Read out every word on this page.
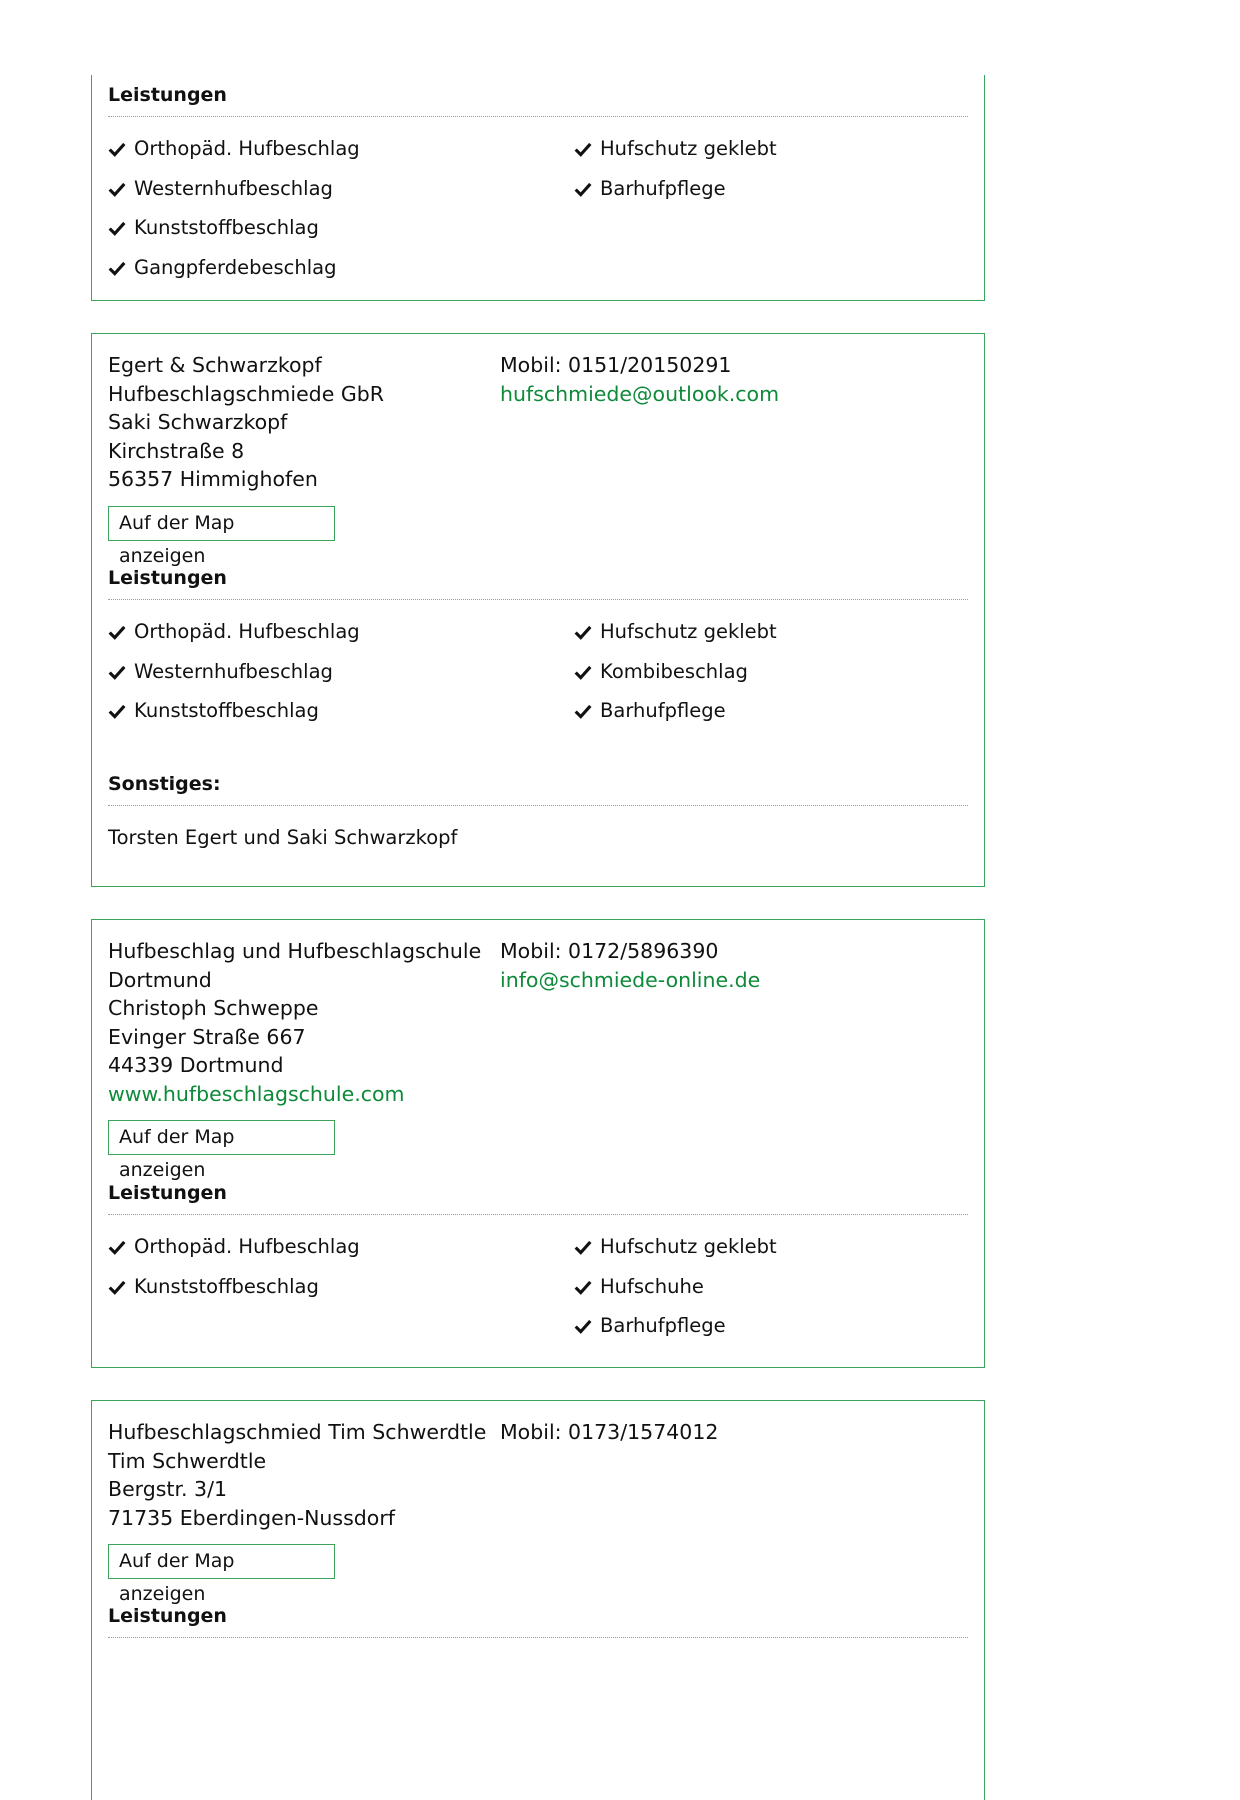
Leistungen
Orthopäd. Hufbeschlag
Westernhufbeschlag
Kunststoffbeschlag
Gangpferdebeschlag
Hufschutz geklebt
Barhufpflege
Egert & Schwarzkopf
Hufbeschlagschmiede GbR
Saki Schwarzkopf
Kirchstraße 8
56357 Himmighofen
Mobil: 0151/20150291
hufschmiede@outlook.com
Auf der Map anzeigen
Leistungen
Orthopäd. Hufbeschlag
Westernhufbeschlag
Kunststoffbeschlag
Hufschutz geklebt
Kombibeschlag
Barhufpflege
Sonstiges:
Torsten Egert und Saki Schwarzkopf
Hufbeschlag und Hufbeschlagschule
Dortmund
Christoph Schweppe
Evinger Straße 667
44339 Dortmund
www.hufbeschlagschule.com
Mobil: 0172/5896390
info@schmiede-online.de
Auf der Map anzeigen
Leistungen
Orthopäd. Hufbeschlag
Kunststoffbeschlag
Hufschutz geklebt
Hufschuhe
Barhufpflege
Hufbeschlagschmied Tim Schwerdtle
Tim Schwerdtle
Bergstr. 3/1
71735 Eberdingen-Nussdorf
Mobil: 0173/1574012
Auf der Map anzeigen
Leistungen
